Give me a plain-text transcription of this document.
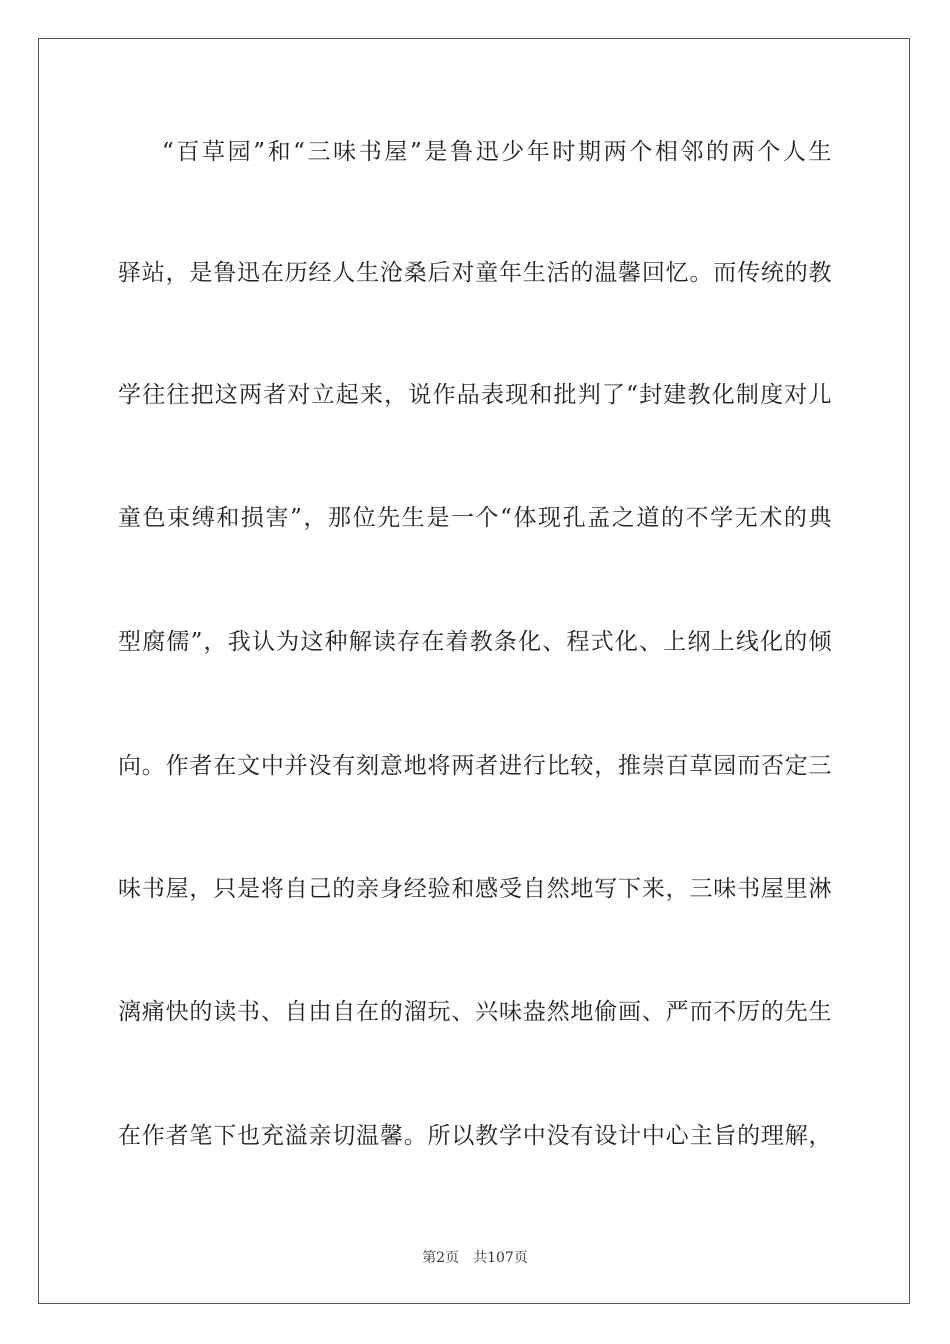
“百草园”和“三味书屋”是鲁迅少年时期两个相邻的两个人生
驿站，是鲁迅在历经人生沧桑后对童年生活的温馨回忆。而传统的教
学往往把这两者对立起来，说作品表现和批判了“封建教化制度对儿
童色束缚和损害”，那位先生是一个“体现孔孟之道的不学无术的典
型腐儒”，我认为这种解读存在着教条化、程式化、上纲上线化的倾
向。作者在文中并没有刻意地将两者进行比较，推崇百草园而否定三
味书屋，只是将自己的亲身经验和感受自然地写下来，三味书屋里淋
漓痛快的读书、自由自在的溜玩、兴味盎然地偷画、严而不厉的先生
在作者笔下也充溢亲切温馨。所以教学中没有设计中心主旨的理解，
第2页 共107页
